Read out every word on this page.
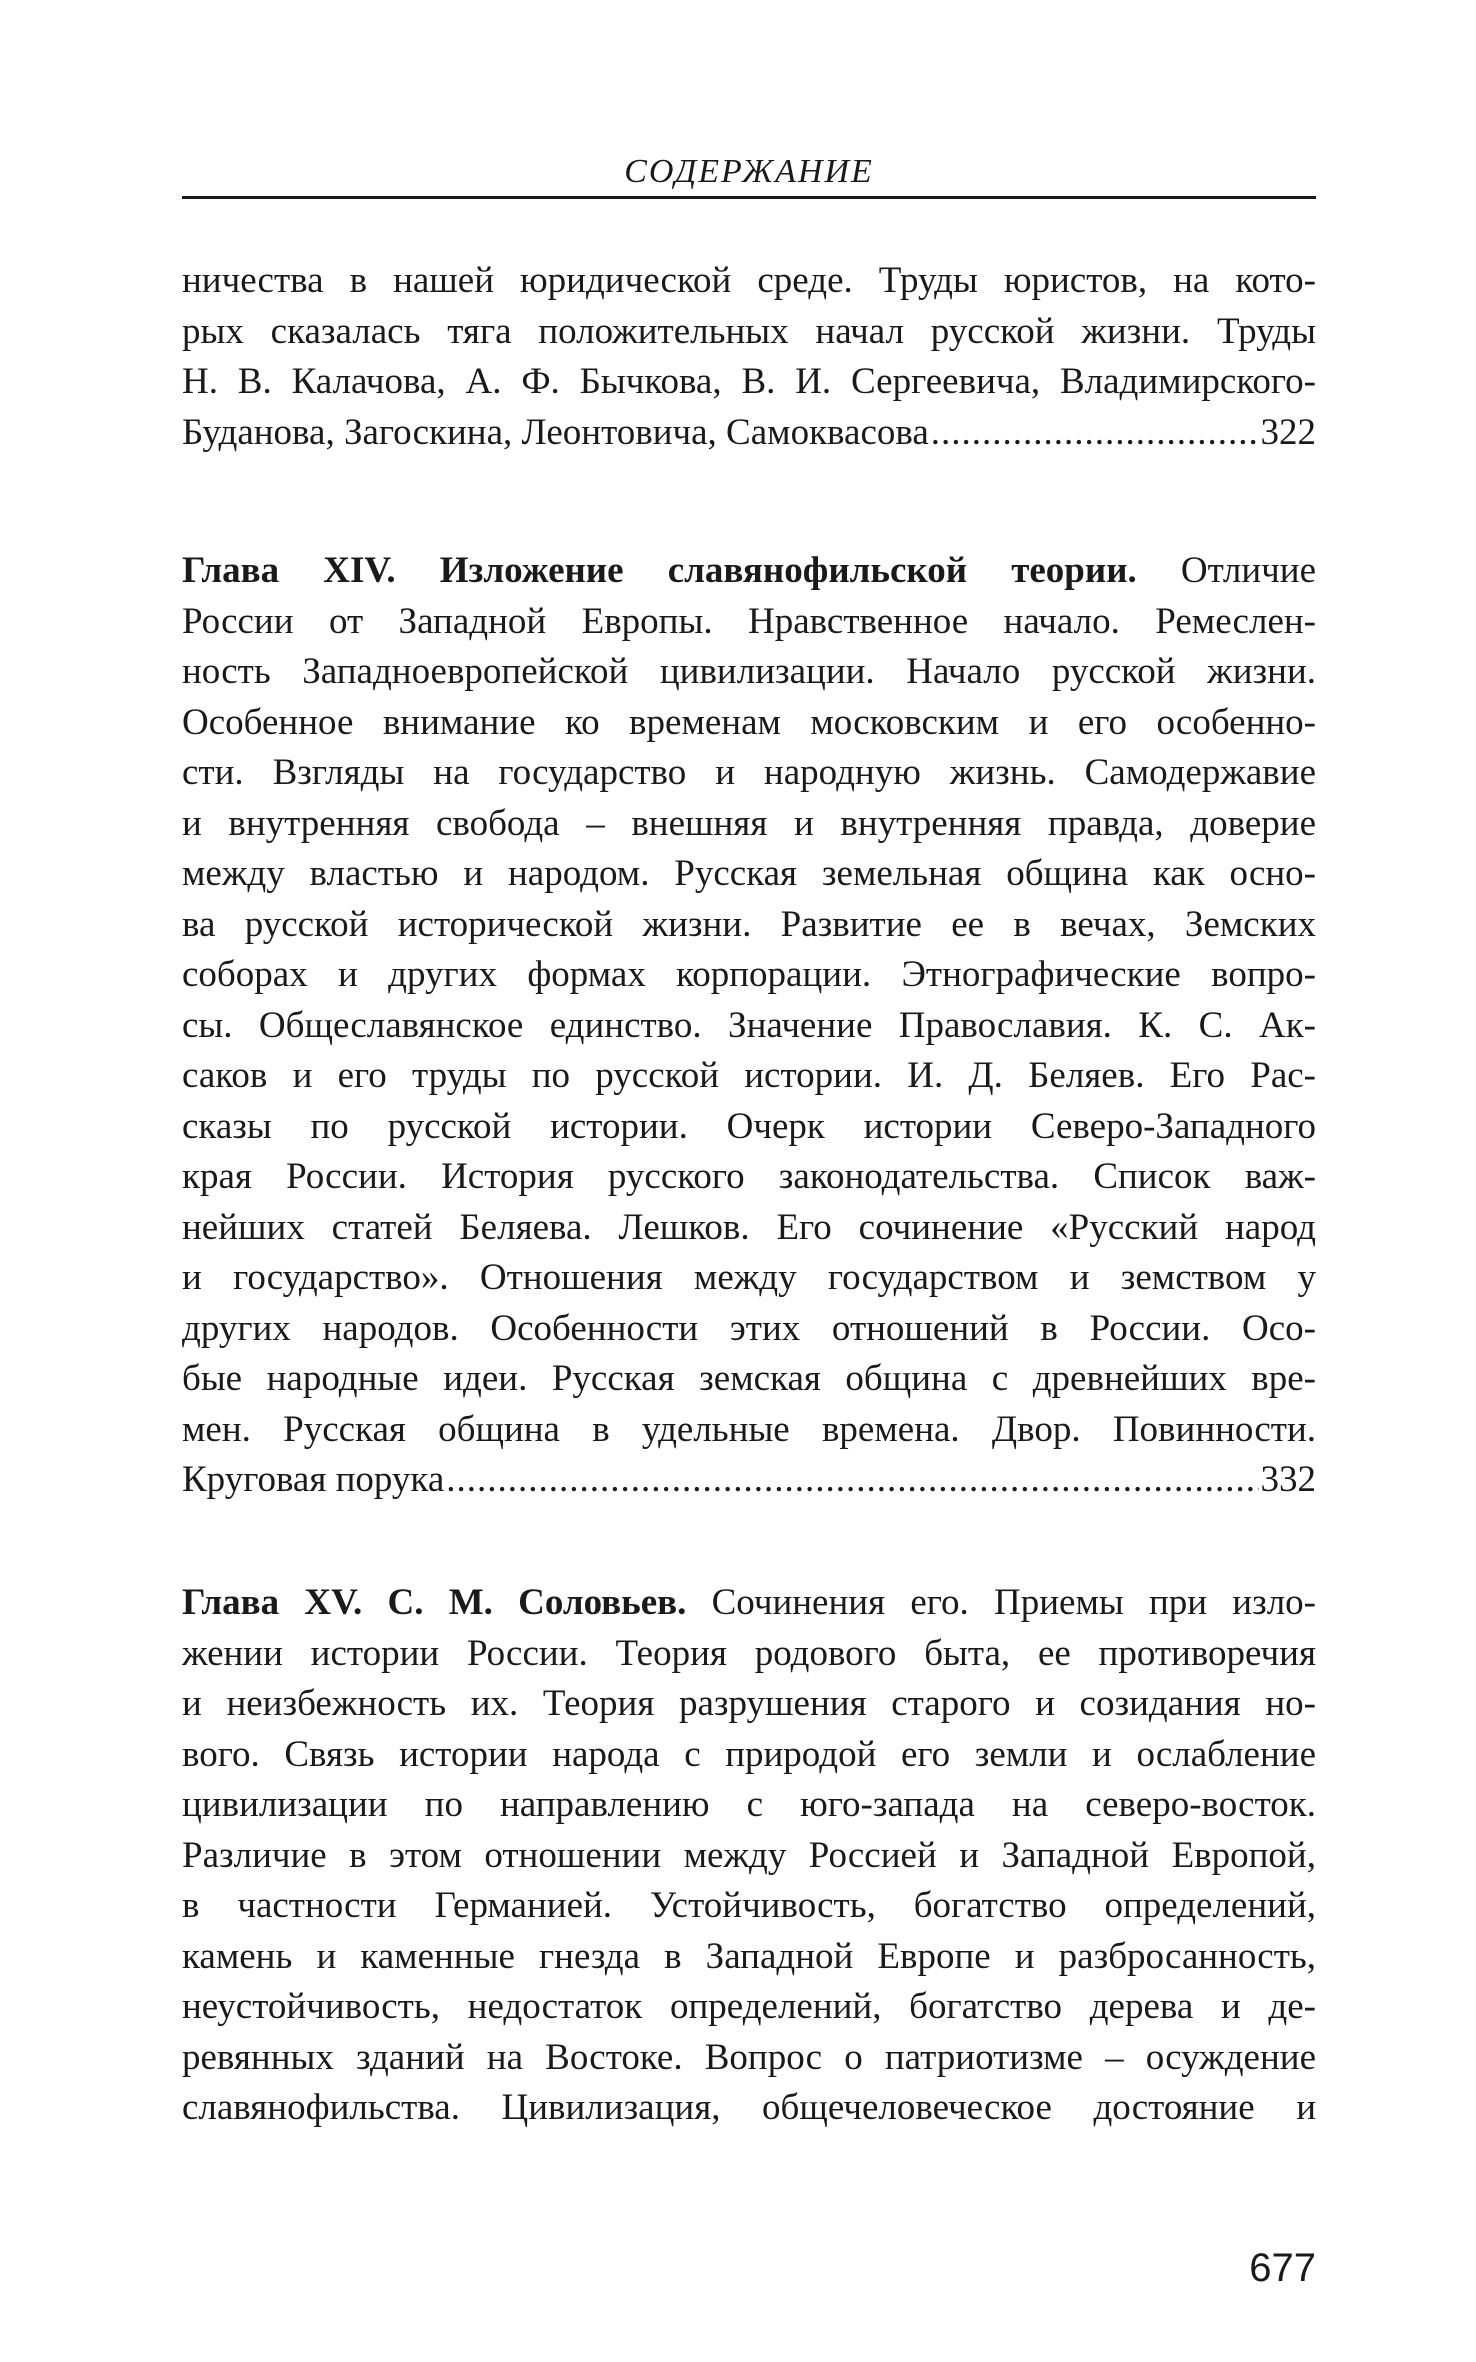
СОДЕРЖАНИЕ
ничества в нашей юридической среде. Труды юристов, на кото-
рых сказалась тяга положительных начал русской жизни. Труды
Н. В. Калачова, А. Ф. Бычкова, В. И. Сергеевича, Владимирского-
Буданова, Загоскина, Леонтовича, Самоквасова .....	322
Глава XIV. Изложение славянофильской теории. Отличие
России от Западной Европы. Нравственное начало. Ремеслен-
ность Западноевропейской цивилизации. Начало русской жизни.
Особенное внимание ко временам московским и его особенно-
сти. Взгляды на государство и народную жизнь. Самодержавие
и внутренняя свобода – внешняя и внутренняя правда, доверие
между властью и народом. Русская земельная община как осно-
ва русской исторической жизни. Развитие ее в вечах, Земских
соборах и других формах корпорации. Этнографические вопро-
сы. Общеславянское единство. Значение Православия. К. С. Ак-
саков и его труды по русской истории. И. Д. Беляев. Его Рас-
сказы по русской истории. Очерк истории Северо-Западного
края России. История русского законодательства. Список важ-
нейших статей Беляева. Лешков. Его сочинение «Русский народ
и государство». Отношения между государством и земством у
других народов. Особенности этих отношений в России. Осо-
бые народные идеи. Русская земская община с древнейших вре-
мен. Русская община в удельные времена. Двор. Повинности.
Круговая порука .....	332
Глава XV. С. М. Соловьев. Сочинения его. Приемы при изло-
жении истории России. Теория родового быта, ее противоречия
и неизбежность их. Теория разрушения старого и созидания но-
вого. Связь истории народа с природой его земли и ослабление
цивилизации по направлению с юго-запада на северо-восток.
Различие в этом отношении между Россией и Западной Европой,
в частности Германией. Устойчивость, богатство определений,
камень и каменные гнезда в Западной Европе и разбросанность,
неустойчивость, недостаток определений, богатство дерева и де-
ревянных зданий на Востоке. Вопрос о патриотизме – осуждение
славянофильства. Цивилизация, общечеловеческое достояние и
677
